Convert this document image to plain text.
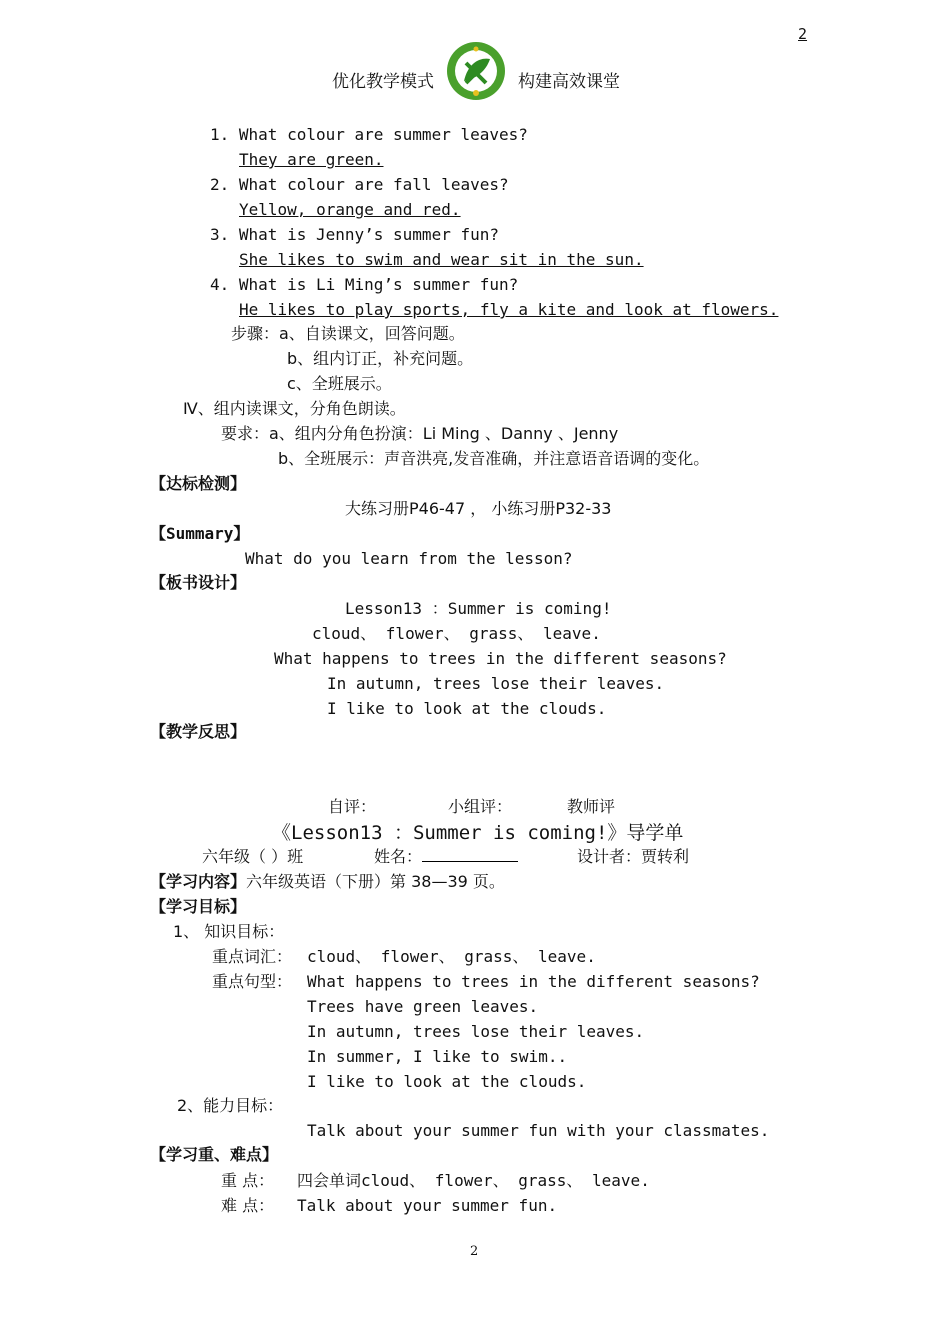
2
优化教学模式	构建高效课堂
1. What colour are summer leaves?
They are green.
2. What colour are fall leaves?
Yellow, orange and red.
3. What is Jenny’s summer fun?
She likes to swim and wear sit in the sun.
4. What is Li Ming’s summer fun?
He likes to play sports, fly a kite and look at flowers.
步骤：a、自读课文，回答问题。
b、组内订正，补充问题。
c、全班展示。
Ⅳ、组内读课文，分角色朗读。
要求：a、组内分角色扮演：Li Ming 、Danny 、Jenny
b、全班展示：声音洪亮,发音准确，并注意语音语调的变化。
【达标检测】
大练习册P46-47 ， 小练习册P32-33
【Summary】
What do you learn from the lesson?
【板书设计】
Lesson13 ：Summer is coming!
cloud、 flower、 grass、 leave.
What happens to trees in the different seasons?
In autumn, trees lose their leaves.
I like to look at the clouds.
【教学反思】
自评：	小组评：	教师评
《Lesson13 ：Summer is coming!》导学单
六年级（ ）班	姓名：	设计者：贾转利
【学习内容】六年级英语（下册）第 38—39 页。
【学习目标】
1、 知识目标：
重点词汇： cloud、 flower、 grass、 leave.
重点句型： What happens to trees in the different seasons?
Trees have green leaves.
In autumn, trees lose their leaves.
In summer, I like to swim..
I like to look at the clouds.
2、能力目标：
Talk about your summer fun with your classmates.
【学习重、难点】
重 点： 四会单词cloud、 flower、 grass、 leave.
难 点： Talk about your summer fun.
2
